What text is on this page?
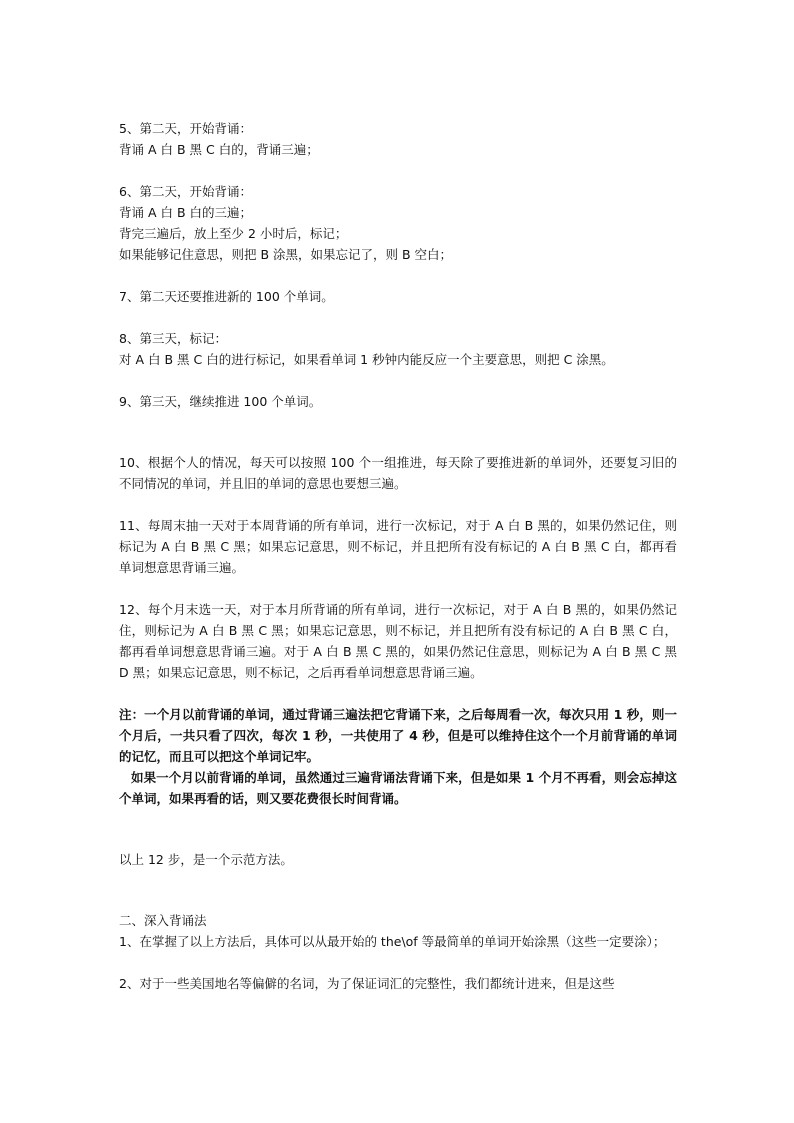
5、第二天，开始背诵：

背诵 A 白 B 黑 C 白的，背诵三遍；

6、第二天，开始背诵：

背诵 A 白 B 白的三遍；

背完三遍后，放上至少 2 小时后，标记；

如果能够记住意思，则把 B 涂黑，如果忘记了，则 B 空白；

7、第二天还要推进新的 100 个单词。

8、第三天，标记：

对 A 白 B 黑 C 白的进行标记，如果看单词 1 秒钟内能反应一个主要意思，则把 C 涂黑。

9、第三天，继续推进 100 个单词。

10、根据个人的情况，每天可以按照 100 个一组推进，每天除了要推进新的单词外，还要复习旧的不同情况的单词，并且旧的单词的意思也要想三遍。

11、每周末抽一天对于本周背诵的所有单词，进行一次标记，对于 A 白 B 黑的，如果仍然记住，则标记为 A 白 B 黑 C 黑；如果忘记意思，则不标记，并且把所有没有标记的 A 白 B 黑 C 白，都再看单词想意思背诵三遍。

12、每个月末选一天，对于本月所背诵的所有单词，进行一次标记，对于 A 白 B 黑的，如果仍然记住，则标记为 A 白 B 黑 C 黑；如果忘记意思，则不标记，并且把所有没有标记的 A 白 B 黑 C 白，都再看单词想意思背诵三遍。对于 A 白 B 黑 C 黑的，如果仍然记住意思，则标记为 A 白 B 黑 C 黑 D 黑；如果忘记意思，则不标记，之后再看单词想意思背诵三遍。

注：一个月以前背诵的单词，通过背诵三遍法把它背诵下来，之后每周看一次，每次只用 1 秒，则一个月后，一共只看了四次，每次 1 秒，一共使用了 4 秒，但是可以维持住这个一个月前背诵的单词的记忆，而且可以把这个单词记牢。

如果一个月以前背诵的单词，虽然通过三遍背诵法背诵下来，但是如果 1 个月不再看，则会忘掉这个单词，如果再看的话，则又要花费很长时间背诵。

以上 12 步，是一个示范方法。

二、深入背诵法

1、在掌握了以上方法后，具体可以从最开始的 the\of 等最简单的单词开始涂黑（这些一定要涂）；

2、对于一些美国地名等偏僻的名词，为了保证词汇的完整性，我们都统计进来，但是这些
